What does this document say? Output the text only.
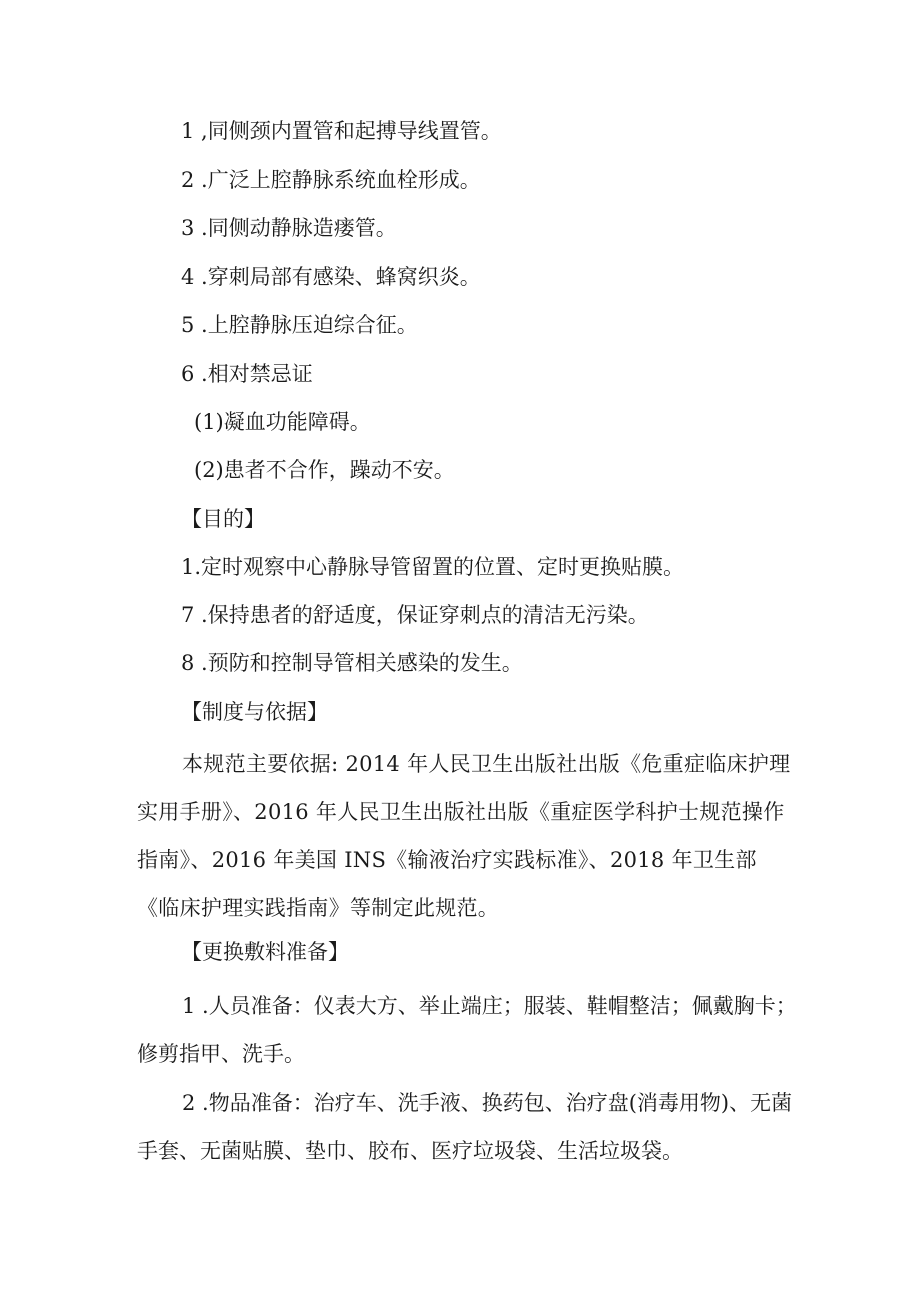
1 ,同侧颈内置管和起搏导线置管。
2 .广泛上腔静脉系统血栓形成。
3 .同侧动静脉造瘘管。
4 .穿刺局部有感染、蜂窝织炎。
5 .上腔静脉压迫综合征。
6 .相对禁忌证
(1)凝血功能障碍。
(2)患者不合作，躁动不安。
【目的】
1.定时观察中心静脉导管留置的位置、定时更换贴膜。
7 .保持患者的舒适度，保证穿刺点的清洁无污染。
8 .预防和控制导管相关感染的发生。
【制度与依据】
本规范主要依据: 2014 年人民卫生出版社出版《危重症临床护理实用手册》、2016 年人民卫生出版社出版《重症医学科护士规范操作指南》、2016 年美国 INS《输液治疗实践标准》、2018 年卫生部《临床护理实践指南》等制定此规范。
【更换敷料准备】
1 .人员准备：仪表大方、举止端庄；服装、鞋帽整洁；佩戴胸卡；修剪指甲、洗手。
2 .物品准备：治疗车、洗手液、换药包、治疗盘(消毒用物)、无菌手套、无菌贴膜、垫巾、胶布、医疗垃圾袋、生活垃圾袋。
